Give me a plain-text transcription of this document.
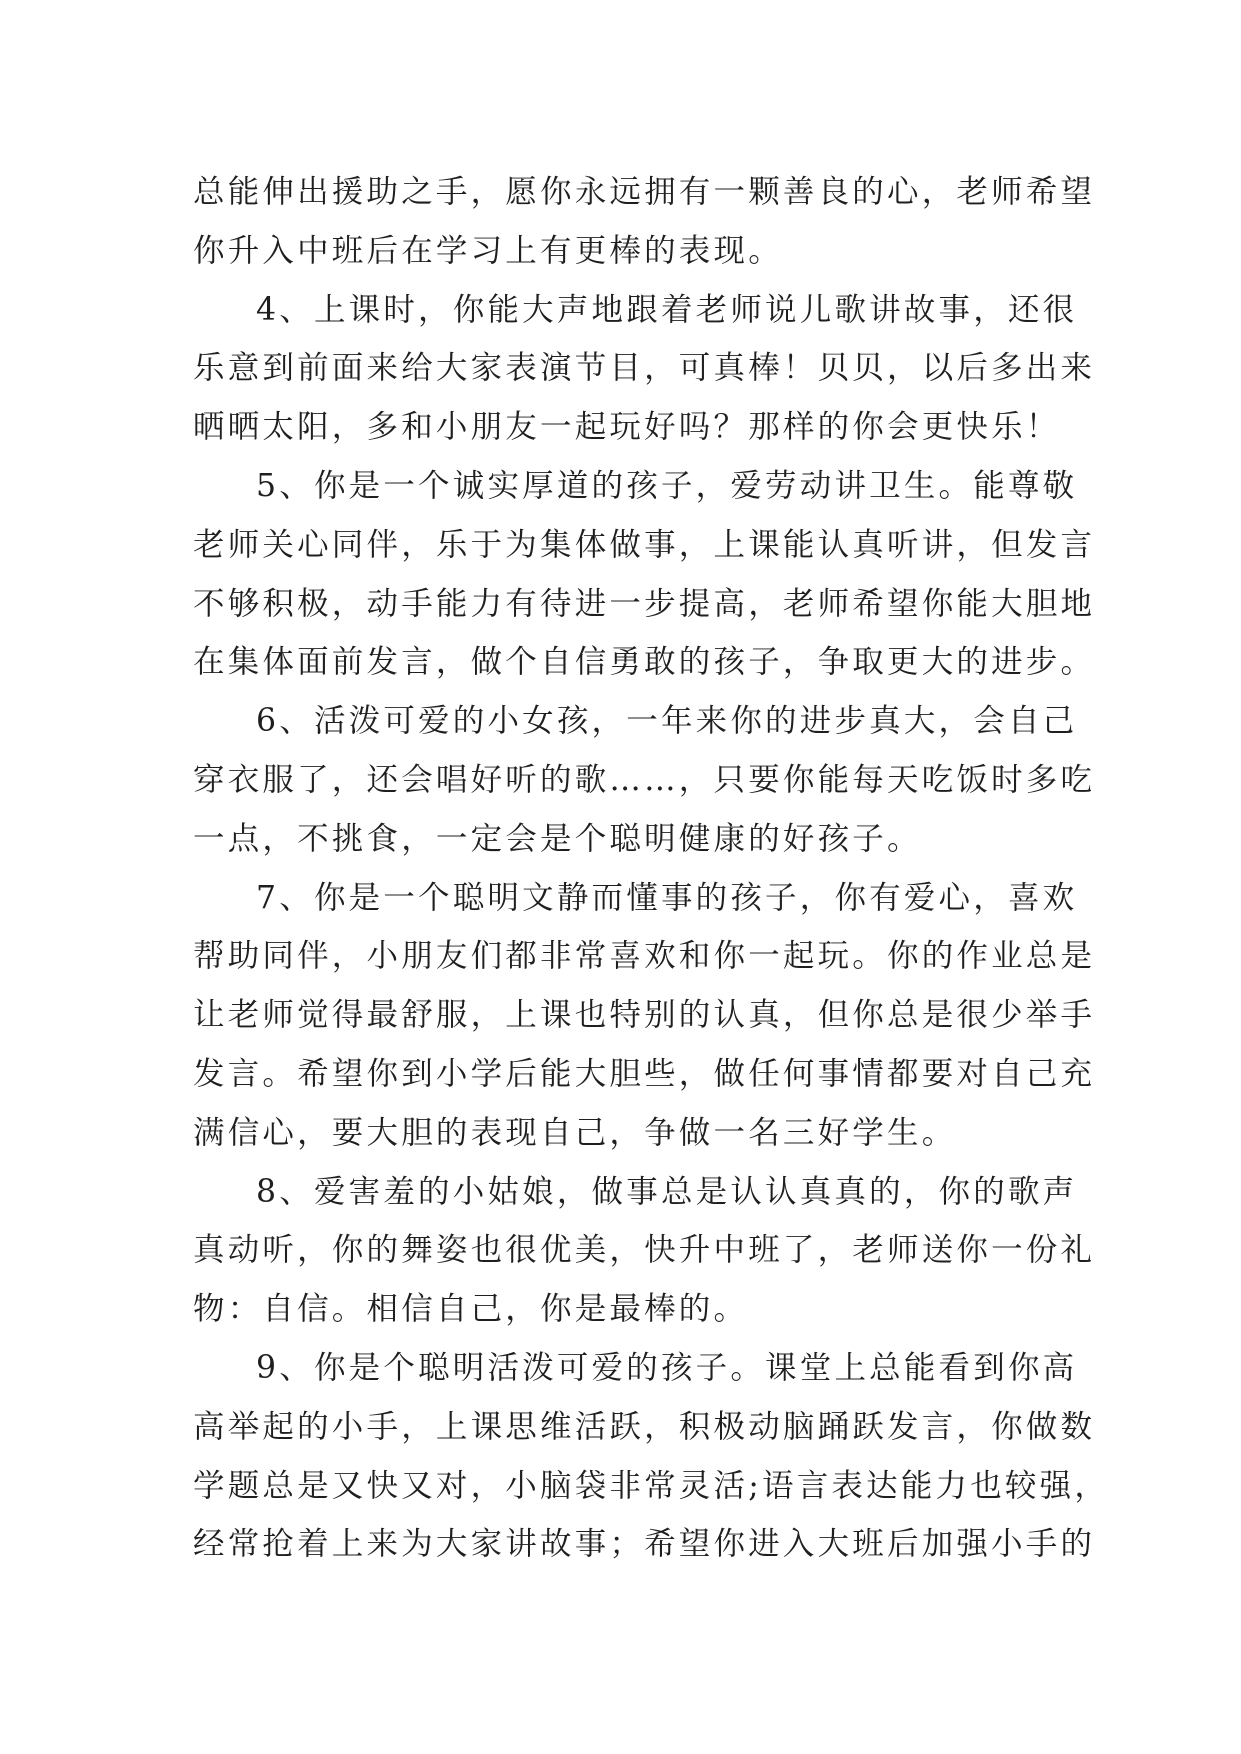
总能伸出援助之手，愿你永远拥有一颗善良的心，老师希望
你升入中班后在学习上有更棒的表现。

4、上课时，你能大声地跟着老师说儿歌讲故事，还很
乐意到前面来给大家表演节目，可真棒！贝贝，以后多出来
晒晒太阳，多和小朋友一起玩好吗？那样的你会更快乐！

5、你是一个诚实厚道的孩子，爱劳动讲卫生。能尊敬
老师关心同伴，乐于为集体做事，上课能认真听讲，但发言
不够积极，动手能力有待进一步提高，老师希望你能大胆地
在集体面前发言，做个自信勇敢的孩子，争取更大的进步。

6、活泼可爱的小女孩，一年来你的进步真大，会自己
穿衣服了，还会唱好听的歌……，只要你能每天吃饭时多吃
一点，不挑食，一定会是个聪明健康的好孩子。

7、你是一个聪明文静而懂事的孩子，你有爱心，喜欢
帮助同伴，小朋友们都非常喜欢和你一起玩。你的作业总是
让老师觉得最舒服，上课也特别的认真，但你总是很少举手
发言。希望你到小学后能大胆些，做任何事情都要对自己充
满信心，要大胆的表现自己，争做一名三好学生。

8、爱害羞的小姑娘，做事总是认认真真的，你的歌声
真动听，你的舞姿也很优美，快升中班了，老师送你一份礼
物：自信。相信自己，你是最棒的。

9、你是个聪明活泼可爱的孩子。课堂上总能看到你高
高举起的小手，上课思维活跃，积极动脑踊跃发言，你做数
学题总是又快又对，小脑袋非常灵活;语言表达能力也较强，
经常抢着上来为大家讲故事；希望你进入大班后加强小手的
